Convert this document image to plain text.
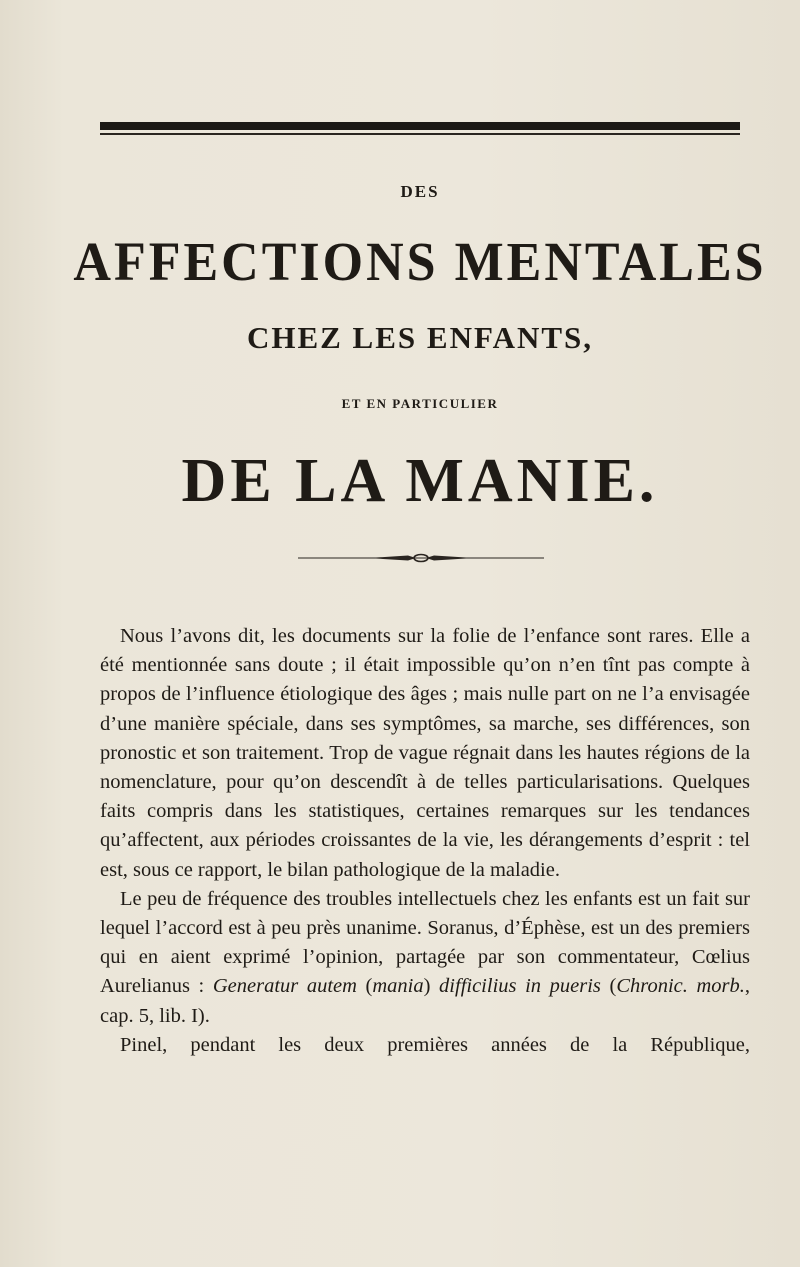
DES
AFFECTIONS MENTALES
CHEZ LES ENFANTS,
ET EN PARTICULIER
DE LA MANIE.

Nous l’avons dit, les documents sur la folie de l’enfance sont rares. Elle a été mentionnée sans doute ; il était impossible qu’on n’en tînt pas compte à propos de l’influence étiologique des âges ; mais nulle part on ne l’a envisagée d’une manière spéciale, dans ses symptômes, sa marche, ses différences, son pronostic et son traitement. Trop de vague régnait dans les hautes régions de la nomenclature, pour qu’on descendît à de telles particularisations. Quelques faits compris dans les statistiques, certaines remarques sur les tendances qu’affectent, aux périodes croissantes de la vie, les dérangements d’esprit : tel est, sous ce rapport, le bilan pathologique de la maladie.

Le peu de fréquence des troubles intellectuels chez les enfants est un fait sur lequel l’accord est à peu près unanime. Soranus, d’Éphèse, est un des premiers qui en aient exprimé l’opinion, partagée par son commentateur, Cœlius Aurelianus : Generatur autem (mania) difficilius in pueris (Chronic. morb., cap. 5, lib. I).

Pinel, pendant les deux premières années de la République,
